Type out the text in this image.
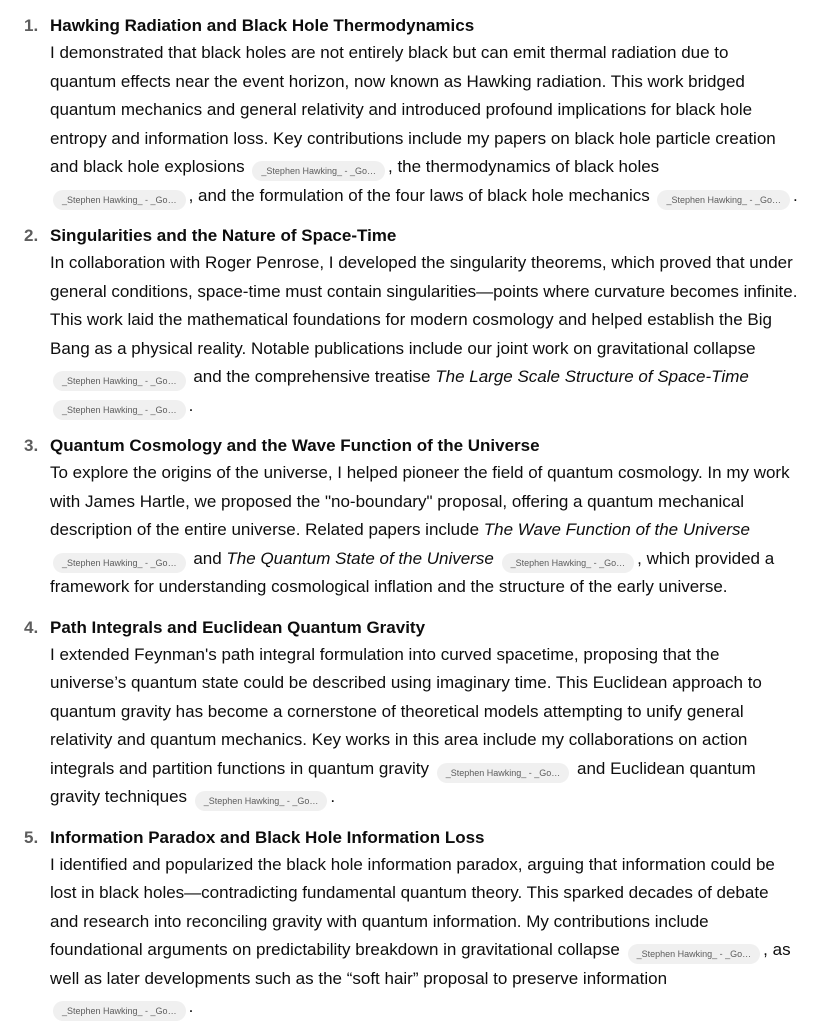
1. Hawking Radiation and Black Hole Thermodynamics

I demonstrated that black holes are not entirely black but can emit thermal radiation due to quantum effects near the event horizon, now known as Hawking radiation. This work bridged quantum mechanics and general relativity and introduced profound implications for black hole entropy and information loss. Key contributions include my papers on black hole particle creation and black hole explosions _Stephen Hawking_ - _Go… , the thermodynamics of black holes _Stephen Hawking_ - _Go… , and the formulation of the four laws of black hole mechanics _Stephen Hawking_ - _Go… .

2. Singularities and the Nature of Space-Time

In collaboration with Roger Penrose, I developed the singularity theorems, which proved that under general conditions, space-time must contain singularities—points where curvature becomes infinite. This work laid the mathematical foundations for modern cosmology and helped establish the Big Bang as a physical reality. Notable publications include our joint work on gravitational collapse _Stephen Hawking_ - _Go… and the comprehensive treatise The Large Scale Structure of Space-Time _Stephen Hawking_ - _Go… .

3. Quantum Cosmology and the Wave Function of the Universe

To explore the origins of the universe, I helped pioneer the field of quantum cosmology. In my work with James Hartle, we proposed the "no-boundary" proposal, offering a quantum mechanical description of the entire universe. Related papers include The Wave Function of the Universe _Stephen Hawking_ - _Go… and The Quantum State of the Universe _Stephen Hawking_ - _Go… , which provided a framework for understanding cosmological inflation and the structure of the early universe.

4. Path Integrals and Euclidean Quantum Gravity

I extended Feynman's path integral formulation into curved spacetime, proposing that the universe’s quantum state could be described using imaginary time. This Euclidean approach to quantum gravity has become a cornerstone of theoretical models attempting to unify general relativity and quantum mechanics. Key works in this area include my collaborations on action integrals and partition functions in quantum gravity _Stephen Hawking_ - _Go… and Euclidean quantum gravity techniques _Stephen Hawking_ - _Go… .

5. Information Paradox and Black Hole Information Loss

I identified and popularized the black hole information paradox, arguing that information could be lost in black holes—contradicting fundamental quantum theory. This sparked decades of debate and research into reconciling gravity with quantum information. My contributions include foundational arguments on predictability breakdown in gravitational collapse _Stephen Hawking_ - _Go… , as well as later developments such as the “soft hair” proposal to preserve information _Stephen Hawking_ - _Go… .
